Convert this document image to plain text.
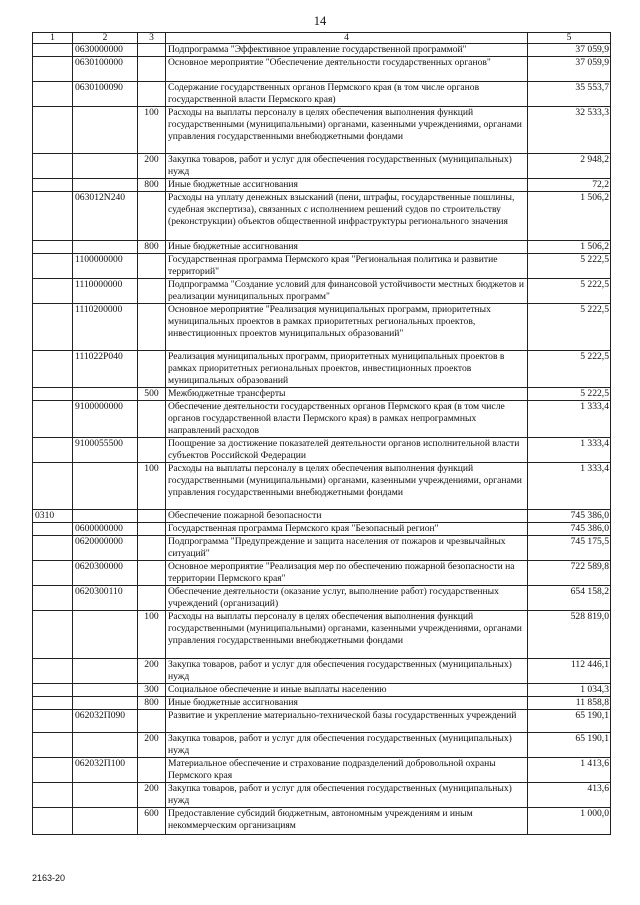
14
1	2	3	4	5
	0630000000		Подпрограмма "Эффективное управление государственной программой"	37 059,9
	0630100000		Основное мероприятие "Обеспечение деятельности государственных органов"	37 059,9
	0630100090		Содержание государственных органов Пермского края (в том числе органов государственной власти Пермского края)	35 553,7
		100	Расходы на выплаты персоналу в целях обеспечения выполнения функций государственными (муниципальными) органами, казенными учреждениями, органами управления государственными внебюджетными фондами	32 533,3
		200	Закупка товаров, работ и услуг для обеспечения государственных (муниципальных) нужд	2 948,2
		800	Иные бюджетные ассигнования	72,2
	063012N240		Расходы на уплату денежных взысканий (пени, штрафы, государственные пошлины, судебная экспертиза), связанных с исполнением решений судов по строительству (реконструкции) объектов общественной инфраструктуры регионального значения	1 506,2
		800	Иные бюджетные ассигнования	1 506,2
	1100000000		Государственная программа Пермского края "Региональная политика и развитие территорий"	5 222,5
	1110000000		Подпрограмма "Создание условий для финансовой устойчивости местных бюджетов и реализации муниципальных программ"	5 222,5
	1110200000		Основное мероприятие "Реализация муниципальных программ, приоритетных муниципальных проектов в рамках приоритетных региональных проектов, инвестиционных проектов муниципальных образований"	5 222,5
	111022P040		Реализация муниципальных программ, приоритетных муниципальных проектов в рамках приоритетных региональных проектов, инвестиционных проектов муниципальных образований	5 222,5
		500	Межбюджетные трансферты	5 222,5
	9100000000		Обеспечение деятельности государственных органов Пермского края (в том числе органов государственной власти Пермского края) в рамках непрограммных направлений расходов	1 333,4
	9100055500		Поощрение за достижение показателей деятельности органов исполнительной власти субъектов Российской Федерации	1 333,4
		100	Расходы на выплаты персоналу в целях обеспечения выполнения функций государственными (муниципальными) органами, казенными учреждениями, органами управления государственными внебюджетными фондами	1 333,4
0310			Обеспечение пожарной безопасности	745 386,0
	0600000000		Государственная программа Пермского края "Безопасный регион"	745 386,0
	0620000000		Подпрограмма "Предупреждение и защита населения от пожаров и чрезвычайных ситуаций"	745 175,5
	0620300000		Основное мероприятие "Реализация мер по обеспечению пожарной безопасности на территории Пермского края"	722 589,8
	0620300110		Обеспечение деятельности (оказание услуг, выполнение работ) государственных учреждений (организаций)	654 158,2
		100	Расходы на выплаты персоналу в целях обеспечения выполнения функций государственными (муниципальными) органами, казенными учреждениями, органами управления государственными внебюджетными фондами	528 819,0
		200	Закупка товаров, работ и услуг для обеспечения государственных (муниципальных) нужд	112 446,1
		300	Социальное обеспечение и иные выплаты населению	1 034,3
		800	Иные бюджетные ассигнования	11 858,8
	062032П090		Развитие и укрепление материально-технической базы государственных учреждений	65 190,1
		200	Закупка товаров, работ и услуг для обеспечения государственных (муниципальных) нужд	65 190,1
	062032П100		Материальное обеспечение и страхование подразделений добровольной охраны Пермского края	1 413,6
		200	Закупка товаров, работ и услуг для обеспечения государственных (муниципальных) нужд	413,6
		600	Предоставление субсидий бюджетным, автономным учреждениям и иным некоммерческим организациям	1 000,0
2163-20
